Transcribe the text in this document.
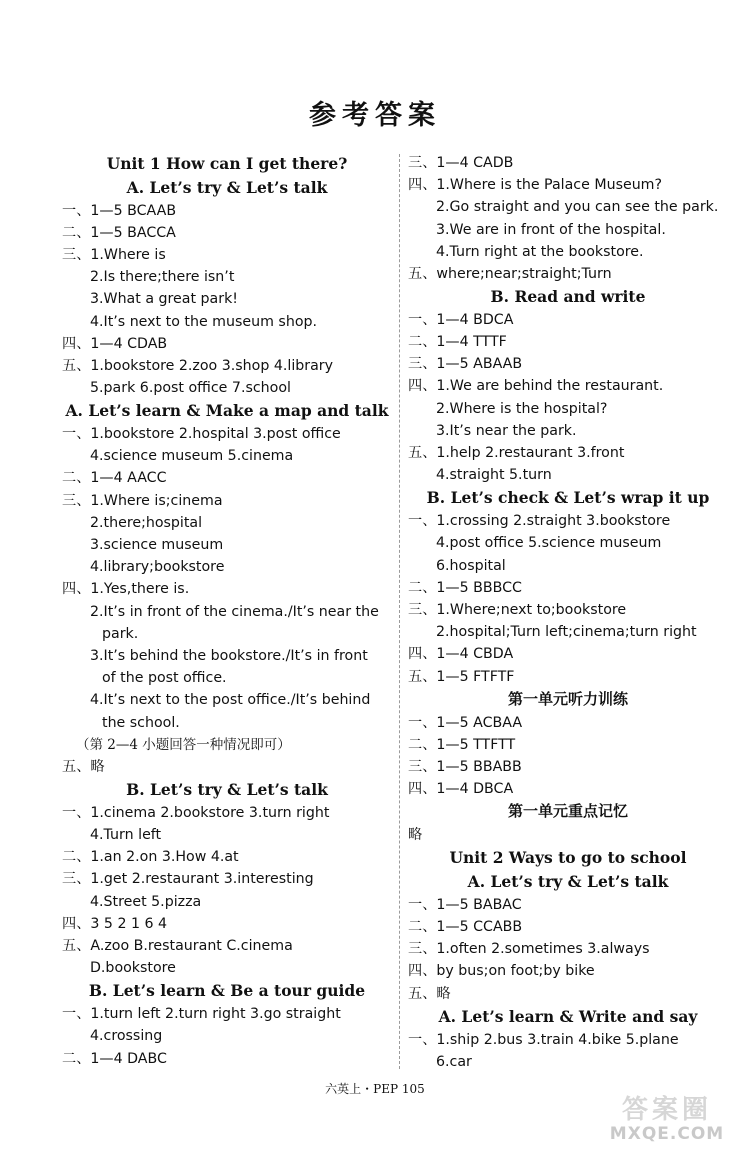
参考答案
Unit 1 How can I get there?
A. Let’s try & Let’s talk
一、1—5 BCAAB
二、1—5 BACCA
三、1.Where is
2.Is there;there isn’t
3.What a great park!
4.It’s next to the museum shop.
四、1—4 CDAB
五、1.bookstore 2.zoo 3.shop 4.library
5.park 6.post office 7.school
A. Let’s learn & Make a map and talk
一、1.bookstore 2.hospital 3.post office
4.science museum 5.cinema
二、1—4 AACC
三、1.Where is;cinema
2.there;hospital
3.science museum
4.library;bookstore
四、1.Yes,there is.
2.It’s in front of the cinema./It’s near the
park.
3.It’s behind the bookstore./It’s in front
of the post office.
4.It’s next to the post office./It’s behind
the school.
（第 2—4 小题回答一种情况即可）
五、略
B. Let’s try & Let’s talk
一、1.cinema 2.bookstore 3.turn right
4.Turn left
二、1.an 2.on 3.How 4.at
三、1.get 2.restaurant 3.interesting
4.Street 5.pizza
四、3 5 2 1 6 4
五、A.zoo B.restaurant C.cinema
D.bookstore
B. Let’s learn & Be a tour guide
一、1.turn left 2.turn right 3.go straight
4.crossing
二、1—4 DABC
三、1—4 CADB
四、1.Where is the Palace Museum?
2.Go straight and you can see the park.
3.We are in front of the hospital.
4.Turn right at the bookstore.
五、where;near;straight;Turn
B. Read and write
一、1—4 BDCA
二、1—4 TTTF
三、1—5 ABAAB
四、1.We are behind the restaurant.
2.Where is the hospital?
3.It’s near the park.
五、1.help 2.restaurant 3.front
4.straight 5.turn
B. Let’s check & Let’s wrap it up
一、1.crossing 2.straight 3.bookstore
4.post office 5.science museum
6.hospital
二、1—5 BBBCC
三、1.Where;next to;bookstore
2.hospital;Turn left;cinema;turn right
四、1—4 CBDA
五、1—5 FTFTF
第一单元听力训练
一、1—5 ACBAA
二、1—5 TTFTT
三、1—5 BBABB
四、1—4 DBCA
第一单元重点记忆
略
Unit 2 Ways to go to school
A. Let’s try & Let’s talk
一、1—5 BABAC
二、1—5 CCABB
三、1.often 2.sometimes 3.always
四、by bus;on foot;by bike
五、略
A. Let’s learn & Write and say
一、1.ship 2.bus 3.train 4.bike 5.plane
6.car
六英上・PEP 105
答案圈
MXQE.COM
